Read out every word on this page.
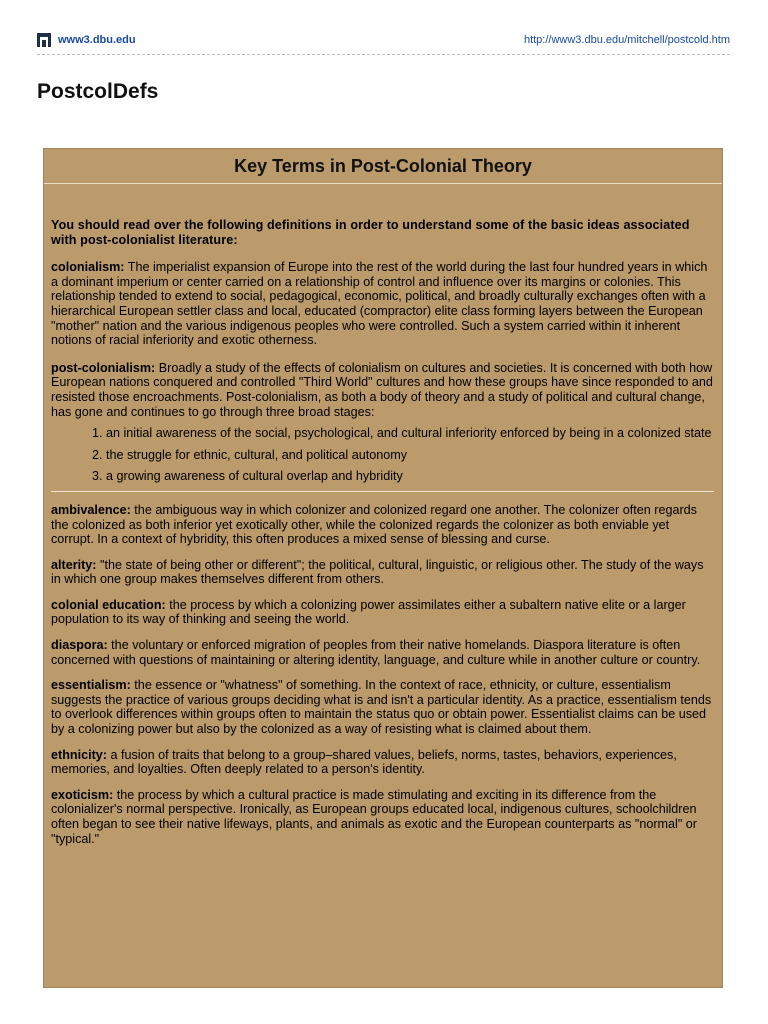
www3.dbu.edu	http://www3.dbu.edu/mitchell/postcold.htm
PostcolDefs
Key Terms in Post-Colonial Theory

You should read over the following definitions in order to understand some of the basic ideas associated with post-colonialist literature:

colonialism: The imperialist expansion of Europe into the rest of the world during the last four hundred years in which a dominant imperium or center carried on a relationship of control and influence over its margins or colonies. This relationship tended to extend to social, pedagogical, economic, political, and broadly culturally exchanges often with a hierarchical European settler class and local, educated (compractor) elite class forming layers between the European "mother" nation and the various indigenous peoples who were controlled. Such a system carried within it inherent notions of racial inferiority and exotic otherness.

post-colonialism: Broadly a study of the effects of colonialism on cultures and societies. It is concerned with both how European nations conquered and controlled "Third World" cultures and how these groups have since responded to and resisted those encroachments. Post-colonialism, as both a body of theory and a study of political and cultural change, has gone and continues to go through three broad stages:

1. an initial awareness of the social, psychological, and cultural inferiority enforced by being in a colonized state
2. the struggle for ethnic, cultural, and political autonomy
3. a growing awareness of cultural overlap and hybridity

ambivalence: the ambiguous way in which colonizer and colonized regard one another. The colonizer often regards the colonized as both inferior yet exotically other, while the colonized regards the colonizer as both enviable yet corrupt. In a context of hybridity, this often produces a mixed sense of blessing and curse.

alterity: "the state of being other or different"; the political, cultural, linguistic, or religious other. The study of the ways in which one group makes themselves different from others.

colonial education: the process by which a colonizing power assimilates either a subaltern native elite or a larger population to its way of thinking and seeing the world.

diaspora: the voluntary or enforced migration of peoples from their native homelands. Diaspora literature is often concerned with questions of maintaining or altering identity, language, and culture while in another culture or country.

essentialism: the essence or "whatness" of something. In the context of race, ethnicity, or culture, essentialism suggests the practice of various groups deciding what is and isn't a particular identity. As a practice, essentialism tends to overlook differences within groups often to maintain the status quo or obtain power. Essentialist claims can be used by a colonizing power but also by the colonized as a way of resisting what is claimed about them.

ethnicity: a fusion of traits that belong to a group–shared values, beliefs, norms, tastes, behaviors, experiences, memories, and loyalties. Often deeply related to a person's identity.

exoticism: the process by which a cultural practice is made stimulating and exciting in its difference from the colonializer's normal perspective. Ironically, as European groups educated local, indigenous cultures, schoolchildren often began to see their native lifeways, plants, and animals as exotic and the European counterparts as "normal" or "typical."
